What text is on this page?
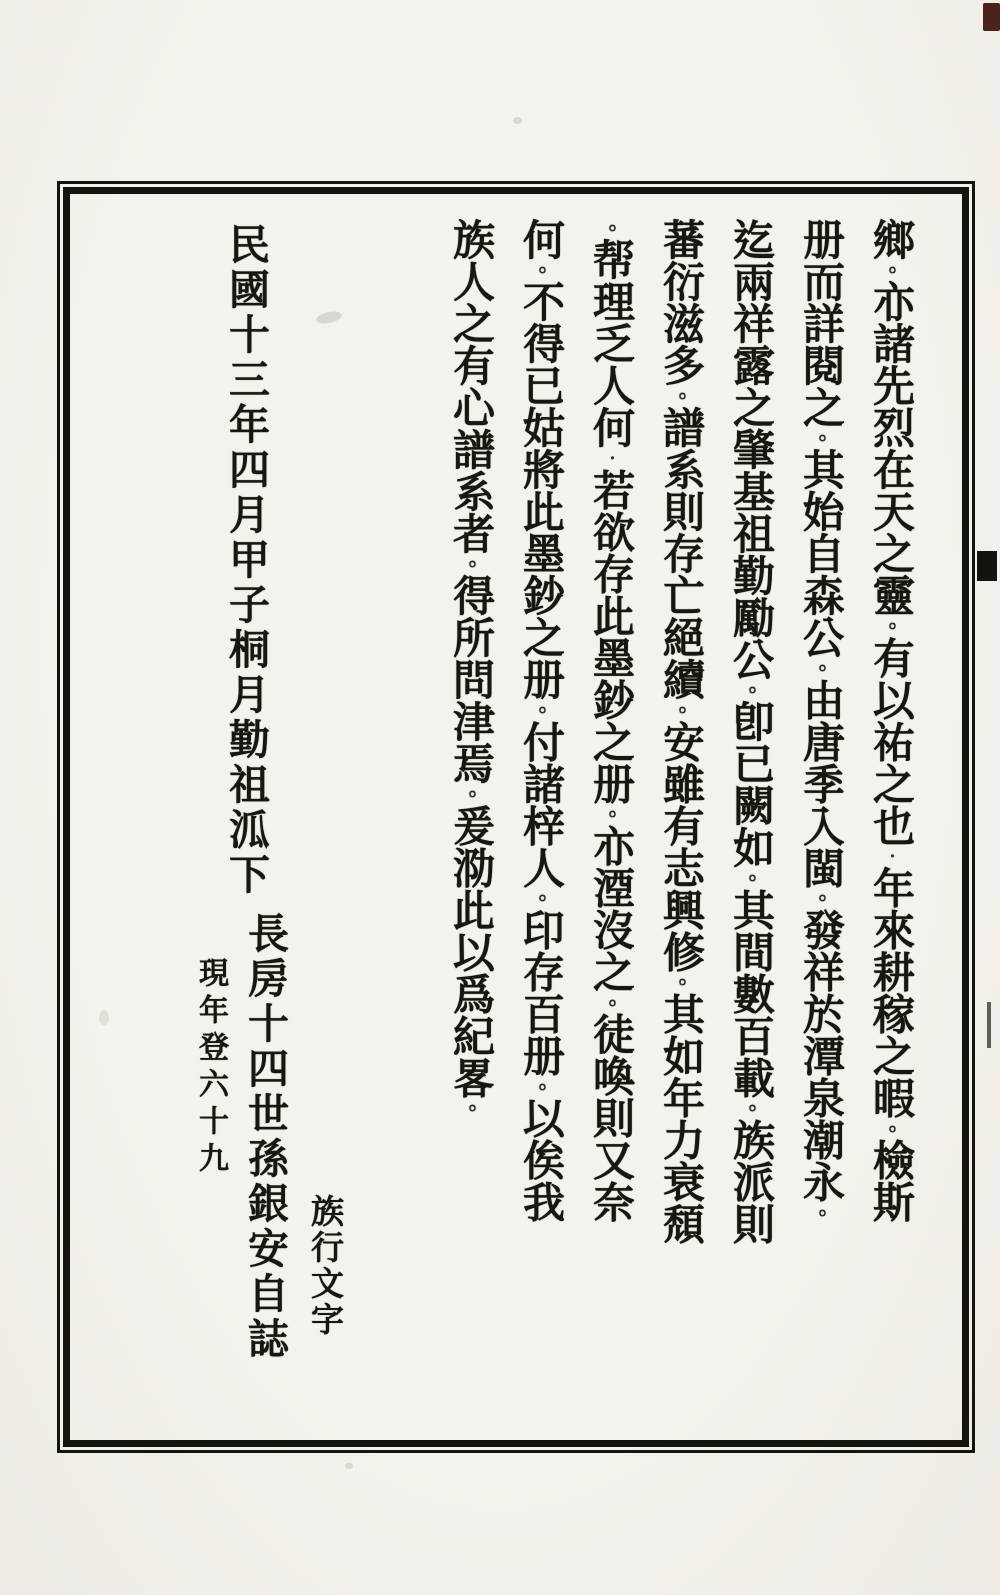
鄉。亦諸先烈在天之靈。有以祐之也．年來耕稼之暇。檢斯
册而詳閱之。其始自森公。由唐季入閩。發祥於潭泉潮永。
迄兩祥露之肇基祖勤勵公。卽已闕如。其間數百載。族派則
蕃衍滋多。譜系則存亡絕續。安雖有志興修。其如年力衰頹
。帮理乏人何．若欲存此墨鈔之册。亦湮沒之。徒喚則又奈
何。不得已姑將此墨鈔之册。付諸梓人。印存百册。以俟我
族人之有心譜系者。得所問津焉。爰泐此以爲紀畧。
民國十三年四月甲子桐月勤祖泒下
長房十四世孫銀安自誌
現年登六十九
族行文字
